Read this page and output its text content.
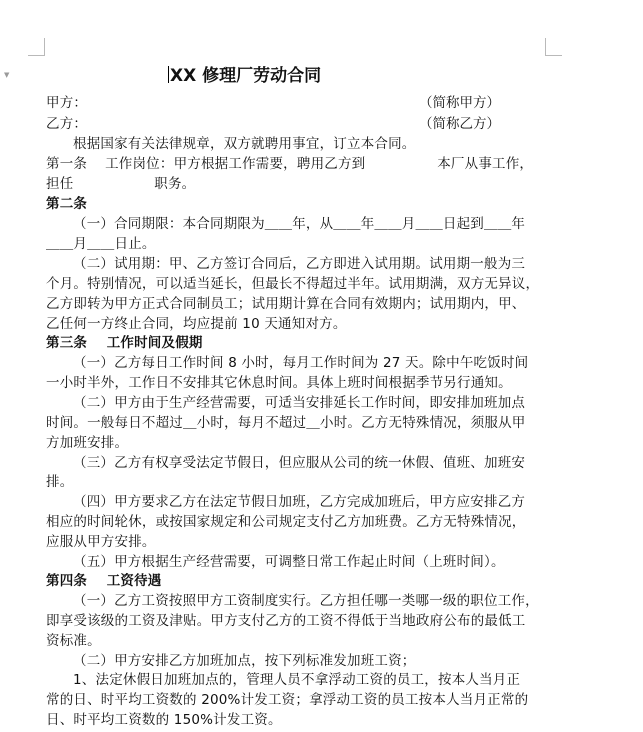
▼	XX 修理厂劳动合同
甲方：	（简称甲方）
乙方：	（简称乙方）
根据国家有关法律规章，双方就聘用事宜，订立本合同。
第一条    工作岗位：甲方根据工作需要，聘用乙方到                本厂从事工作，
担任                  职务。
第二条
（一）合同期限：本合同期限为＿＿年，从＿＿年＿＿月＿＿日起到＿＿年
＿＿月＿＿日止。
（二）试用期：甲、乙方签订合同后，乙方即进入试用期。试用期一般为三
个月。特别情况，可以适当延长，但最长不得超过半年。试用期满，双方无异议，
乙方即转为甲方正式合同制员工；试用期计算在合同有效期内；试用期内，甲、
乙任何一方终止合同，均应提前 10 天通知对方。
第三条    工作时间及假期
（一）乙方每日工作时间 8 小时，每月工作时间为 27 天。除中午吃饭时间
一小时半外，工作日不安排其它休息时间。具体上班时间根据季节另行通知。
（二）甲方由于生产经营需要，可适当安排延长工作时间，即安排加班加点
时间。一般每日不超过＿小时，每月不超过＿小时。乙方无特殊情况，须服从甲
方加班安排。
（三）乙方有权享受法定节假日，但应服从公司的统一休假、值班、加班安
排。
（四）甲方要求乙方在法定节假日加班，乙方完成加班后，甲方应安排乙方
相应的时间轮休，或按国家规定和公司规定支付乙方加班费。乙方无特殊情况，
应服从甲方安排。
（五）甲方根据生产经营需要，可调整日常工作起止时间（上班时间）。
第四条    工资待遇
（一）乙方工资按照甲方工资制度实行。乙方担任哪一类哪一级的职位工作，
即享受该级的工资及津贴。甲方支付乙方的工资不得低于当地政府公布的最低工
资标准。
（二）甲方安排乙方加班加点，按下列标准发加班工资；
1、法定休假日加班加点的，管理人员不拿浮动工资的员工，按本人当月正
常的日、时平均工资数的 200%计发工资；拿浮动工资的员工按本人当月正常的
日、时平均工资数的 150%计发工资。
